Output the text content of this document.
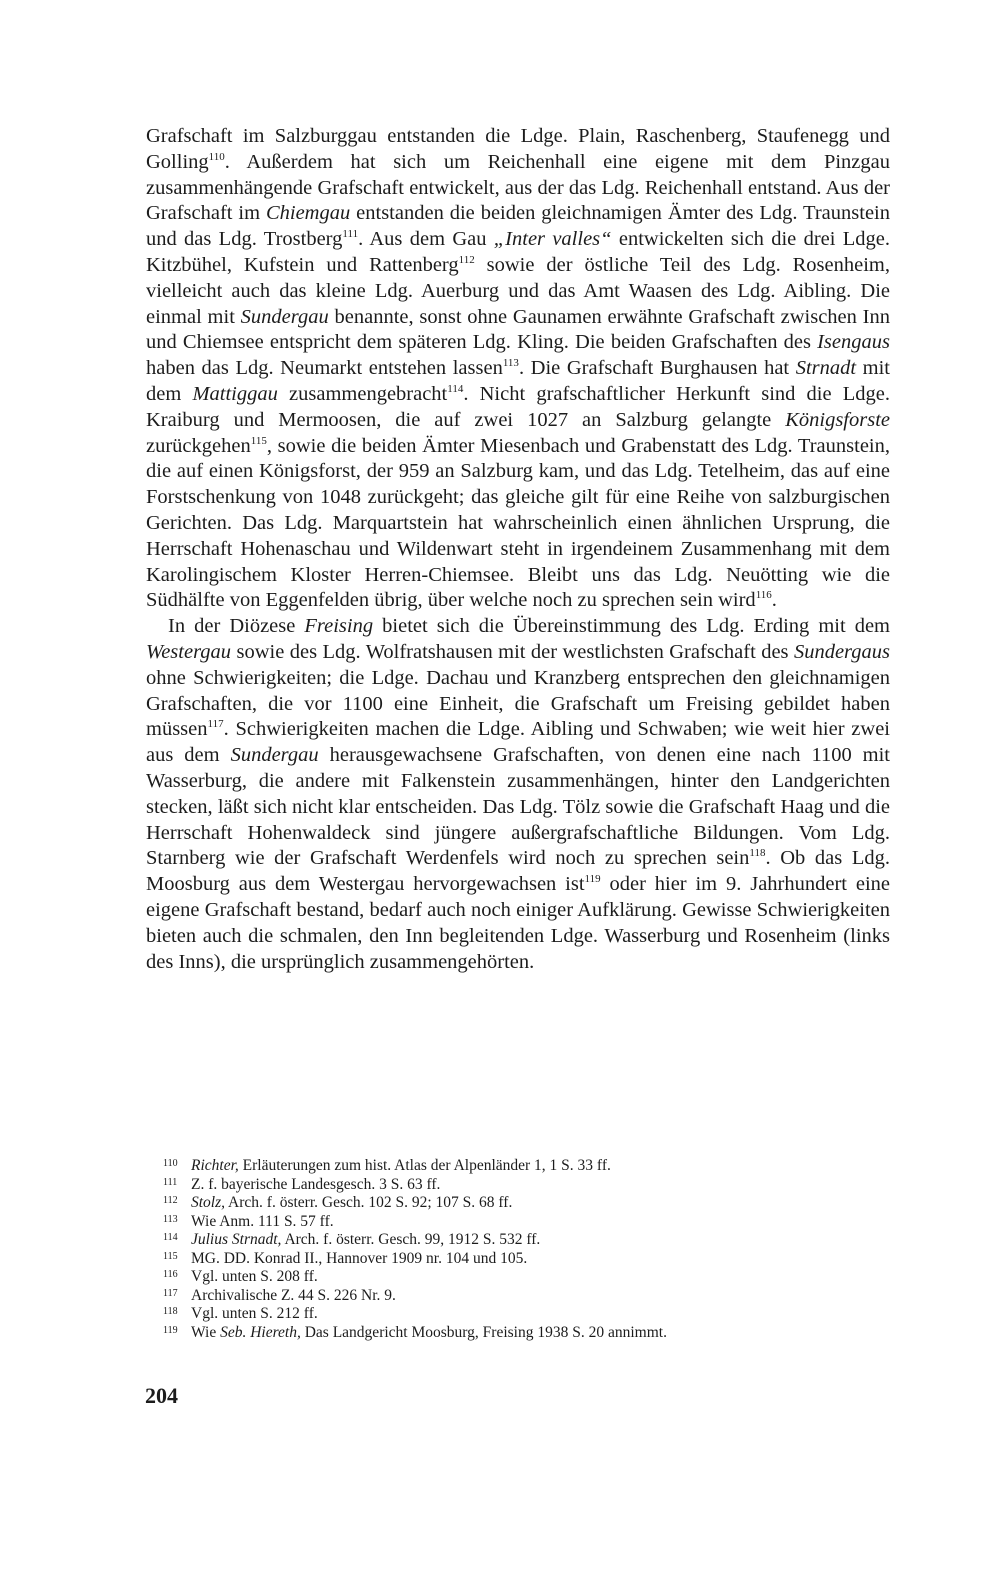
Grafschaft im Salzburggau entstanden die Ldge. Plain, Raschenberg, Staufenegg und Golling$^{110}$. Außerdem hat sich um Reichenhall eine eigene mit dem Pinzgau zusammenhängende Grafschaft entwickelt, aus der das Ldg. Reichenhall entstand. Aus der Grafschaft im Chiemgau entstanden die beiden gleichnamigen Ämter des Ldg. Traunstein und das Ldg. Trostberg$^{111}$. Aus dem Gau „Inter valles“ entwickelten sich die drei Ldge. Kitzbühel, Kufstein und Rattenberg$^{112}$ sowie der östliche Teil des Ldg. Rosenheim, vielleicht auch das kleine Ldg. Auerburg und das Amt Waasen des Ldg. Aibling. Die einmal mit Sundergau benannte, sonst ohne Gaunamen erwähnte Grafschaft zwischen Inn und Chiemsee entspricht dem späteren Ldg. Kling. Die beiden Grafschaften des Isengaus haben das Ldg. Neumarkt entstehen lassen$^{113}$. Die Grafschaft Burghausen hat Strnadt mit dem Mattiggau zusammengebracht$^{114}$. Nicht grafschaftlicher Herkunft sind die Ldge. Kraiburg und Mermoosen, die auf zwei 1027 an Salzburg gelangte Königsforste zurückgehen$^{115}$, sowie die beiden Ämter Miesenbach und Grabenstatt des Ldg. Traunstein, die auf einen Königsforst, der 959 an Salzburg kam, und das Ldg. Tetelheim, das auf eine Forstschenkung von 1048 zurückgeht; das gleiche gilt für eine Reihe von salzburgischen Gerichten. Das Ldg. Marquartstein hat wahrscheinlich einen ähnlichen Ursprung, die Herrschaft Hohenaschau und Wildenwart steht in irgendeinem Zusammenhang mit dem Karolingischem Kloster Herren-Chiemsee. Bleibt uns das Ldg. Neuötting wie die Südhälfte von Eggenfelden übrig, über welche noch zu sprechen sein wird$^{116}$.

In der Diözese Freising bietet sich die Übereinstimmung des Ldg. Erding mit dem Westergau sowie des Ldg. Wolfratshausen mit der westlichsten Grafschaft des Sundergaus ohne Schwierigkeiten; die Ldge. Dachau und Kranzberg entsprechen den gleichnamigen Grafschaften, die vor 1100 eine Einheit, die Grafschaft um Freising gebildet haben müssen$^{117}$. Schwierigkeiten machen die Ldge. Aibling und Schwaben; wie weit hier zwei aus dem Sundergau herausgewachsene Grafschaften, von denen eine nach 1100 mit Wasserburg, die andere mit Falkenstein zusammenhängen, hinter den Landgerichten stecken, läßt sich nicht klar entscheiden. Das Ldg. Tölz sowie die Grafschaft Haag und die Herrschaft Hohenwaldeck sind jüngere außergrafschaftliche Bildungen. Vom Ldg. Starnberg wie der Grafschaft Werdenfels wird noch zu sprechen sein$^{118}$. Ob das Ldg. Moosburg aus dem Westergau hervorgewachsen ist$^{119}$ oder hier im 9. Jahrhundert eine eigene Grafschaft bestand, bedarf auch noch einiger Aufklärung. Gewisse Schwierigkeiten bieten auch die schmalen, den Inn begleitenden Ldge. Wasserburg und Rosenheim (links des Inns), die ursprünglich zusammengehörten.

110 Richter, Erläuterungen zum hist. Atlas der Alpenländer 1, 1 S. 33 ff.
111 Z. f. bayerische Landesgesch. 3 S. 63 ff.
112 Stolz, Arch. f. österr. Gesch. 102 S. 92; 107 S. 68 ff.
113 Wie Anm. 111 S. 57 ff.
114 Julius Strnadt, Arch. f. österr. Gesch. 99, 1912 S. 532 ff.
115 MG. DD. Konrad II., Hannover 1909 nr. 104 und 105.
116 Vgl. unten S. 208 ff.
117 Archivalische Z. 44 S. 226 Nr. 9.
118 Vgl. unten S. 212 ff.
119 Wie Seb. Hiereth, Das Landgericht Moosburg, Freising 1938 S. 20 annimmt.
204
